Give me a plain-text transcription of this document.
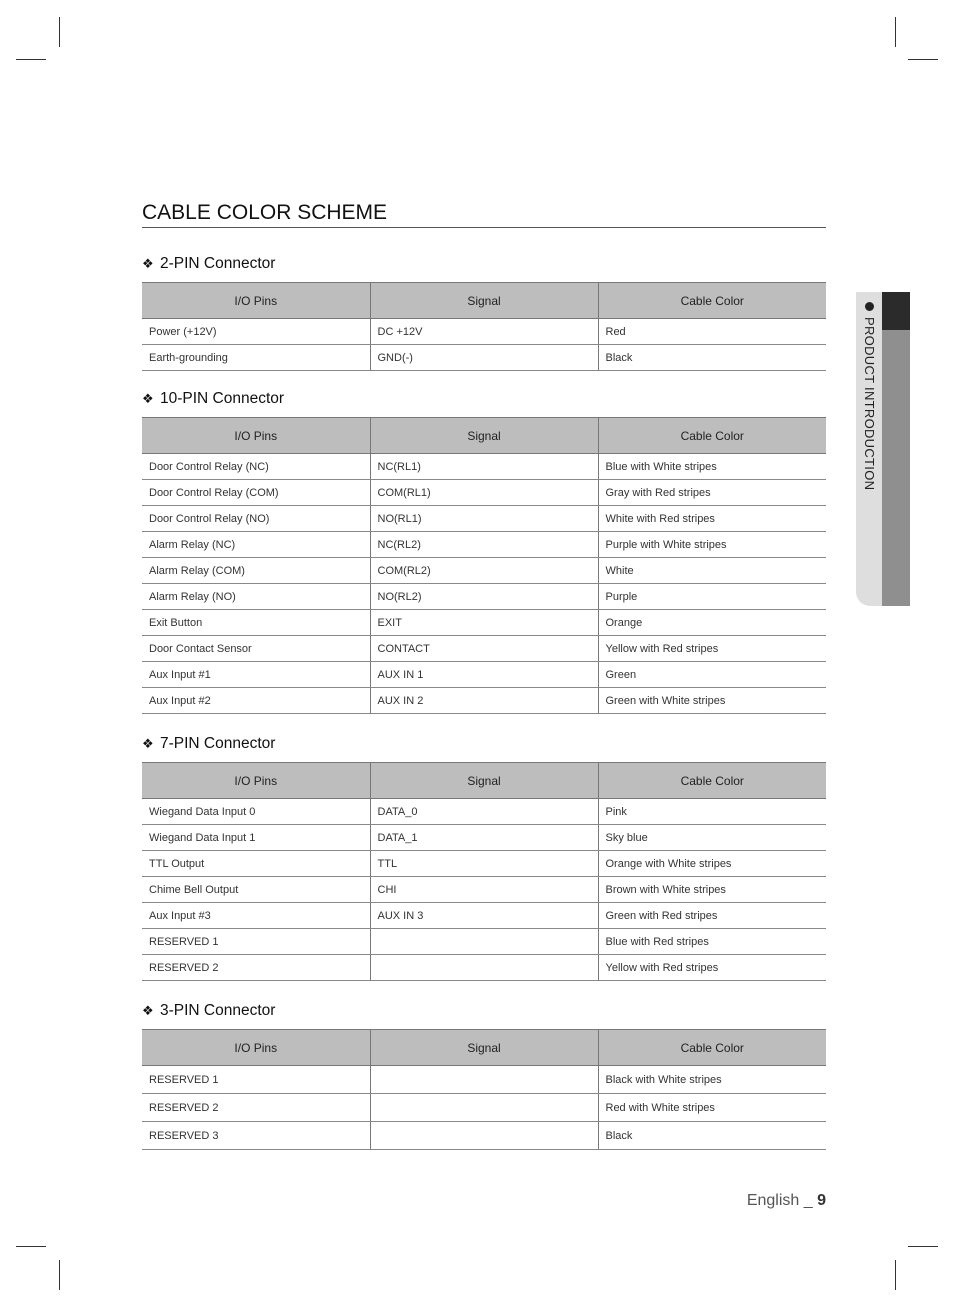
CABLE COLOR SCHEME
❖ 2-PIN Connector
I/O Pins	Signal	Cable Color
Power (+12V)	DC +12V	Red
Earth-grounding	GND(-)	Black
❖ 10-PIN Connector
I/O Pins	Signal	Cable Color
Door Control Relay (NC)	NC(RL1)	Blue with White stripes
Door Control Relay (COM)	COM(RL1)	Gray with Red stripes
Door Control Relay (NO)	NO(RL1)	White with Red stripes
Alarm Relay (NC)	NC(RL2)	Purple with White stripes
Alarm Relay (COM)	COM(RL2)	White
Alarm Relay (NO)	NO(RL2)	Purple
Exit Button	EXIT	Orange
Door Contact Sensor	CONTACT	Yellow with Red stripes
Aux Input #1	AUX IN 1	Green
Aux Input #2	AUX IN 2	Green with White stripes
❖ 7-PIN Connector
I/O Pins	Signal	Cable Color
Wiegand Data Input 0	DATA_0	Pink
Wiegand Data Input 1	DATA_1	Sky blue
TTL Output	TTL	Orange with White stripes
Chime Bell Output	CHI	Brown with White stripes
Aux Input #3	AUX IN 3	Green with Red stripes
RESERVED 1		Blue with Red stripes
RESERVED 2		Yellow with Red stripes
❖ 3-PIN Connector
I/O Pins	Signal	Cable Color
RESERVED 1		Black with White stripes
RESERVED 2		Red with White stripes
RESERVED 3		Black
PRODUCT INTRODUCTION
English _ 9
